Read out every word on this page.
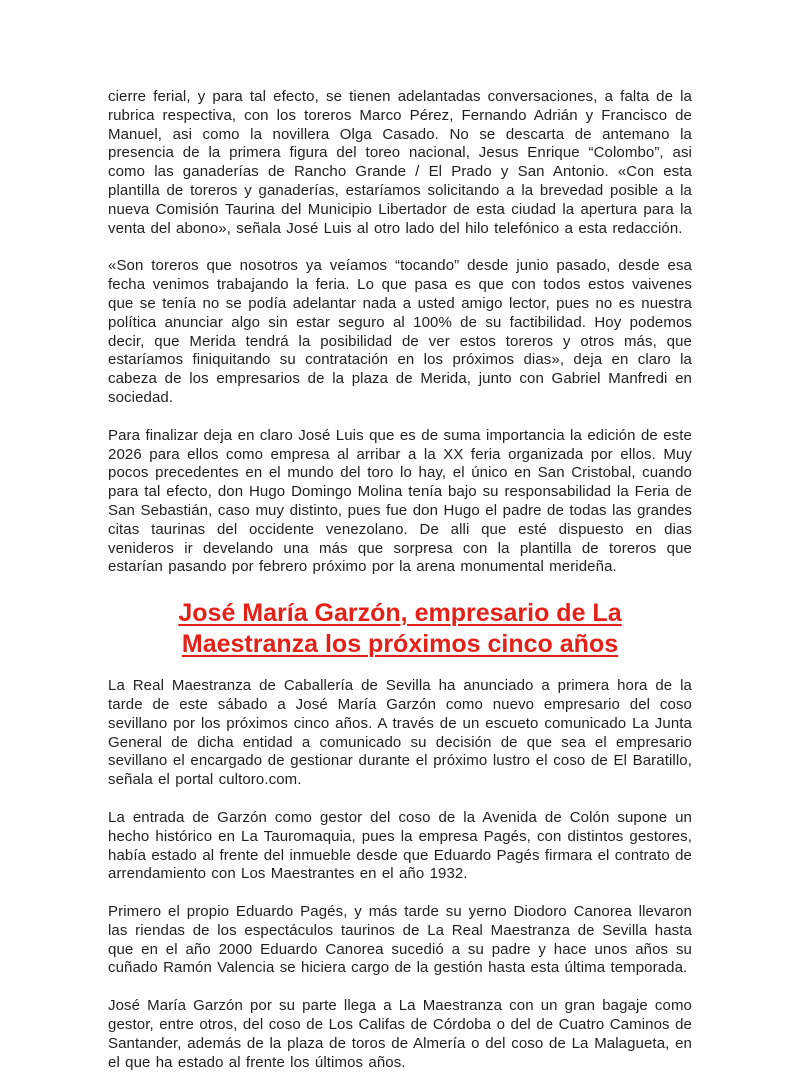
cierre ferial, y para tal efecto, se tienen adelantadas conversaciones, a falta de la rubrica respectiva, con los toreros Marco Pérez, Fernando Adrián y Francisco de Manuel, asi como la novillera Olga Casado. No se descarta de antemano la presencia de la primera figura del toreo nacional, Jesus Enrique “Colombo”, asi como las ganaderías de Rancho Grande / El Prado y San Antonio. «Con esta plantilla de toreros y ganaderías, estaríamos solicitando a la brevedad posible a la nueva Comisión Taurina del Municipio Libertador de esta ciudad la apertura para la venta del abono», señala José Luis al otro lado del hilo telefónico a esta redacción.

«Son toreros que nosotros ya veíamos “tocando” desde junio pasado, desde esa fecha venimos trabajando la feria. Lo que pasa es que con todos estos vaivenes que se tenía no se podía adelantar nada a usted amigo lector, pues no es nuestra política anunciar algo sin estar seguro al 100% de su factibilidad. Hoy podemos decir, que Merida tendrá la posibilidad de ver estos toreros y otros más, que estaríamos finiquitando su contratación en los próximos dias», deja en claro la cabeza de los empresarios de la plaza de Merida, junto con Gabriel Manfredi en sociedad.

Para finalizar deja en claro José Luis que es de suma importancia la edición de este 2026 para ellos como empresa al arribar a la XX feria organizada por ellos. Muy pocos precedentes en el mundo del toro lo hay, el único en San Cristobal, cuando para tal efecto, don Hugo Domingo Molina tenía bajo su responsabilidad la Feria de San Sebastián, caso muy distinto, pues fue don Hugo el padre de todas las grandes citas taurinas del occidente venezolano. De alli que esté dispuesto en dias venideros ir develando una más que sorpresa con la plantilla de toreros que estarían pasando por febrero próximo por la arena monumental merideña.

José María Garzón, empresario de La
Maestranza los próximos cinco años

La Real Maestranza de Caballería de Sevilla ha anunciado a primera hora de la tarde de este sábado a José María Garzón como nuevo empresario del coso sevillano por los próximos cinco años. A través de un escueto comunicado La Junta General de dicha entidad a comunicado su decisión de que sea el empresario sevillano el encargado de gestionar durante el próximo lustro el coso de El Baratillo, señala el portal cultoro.com.

La entrada de Garzón como gestor del coso de la Avenida de Colón supone un hecho histórico en La Tauromaquia, pues la empresa Pagés, con distintos gestores, había estado al frente del inmueble desde que Eduardo Pagés firmara el contrato de arrendamiento con Los Maestrantes en el año 1932.

Primero el propio Eduardo Pagés, y más tarde su yerno Diodoro Canorea llevaron las riendas de los espectáculos taurinos de La Real Maestranza de Sevilla hasta que en el año 2000 Eduardo Canorea sucedió a su padre y hace unos años su cuñado Ramón Valencia se hiciera cargo de la gestión hasta esta última temporada.

José María Garzón por su parte llega a La Maestranza con un gran bagaje como gestor, entre otros, del coso de Los Califas de Córdoba o del de Cuatro Caminos de Santander, además de la plaza de toros de Almería o del coso de La Malagueta, en el que ha estado al frente los últimos años.
